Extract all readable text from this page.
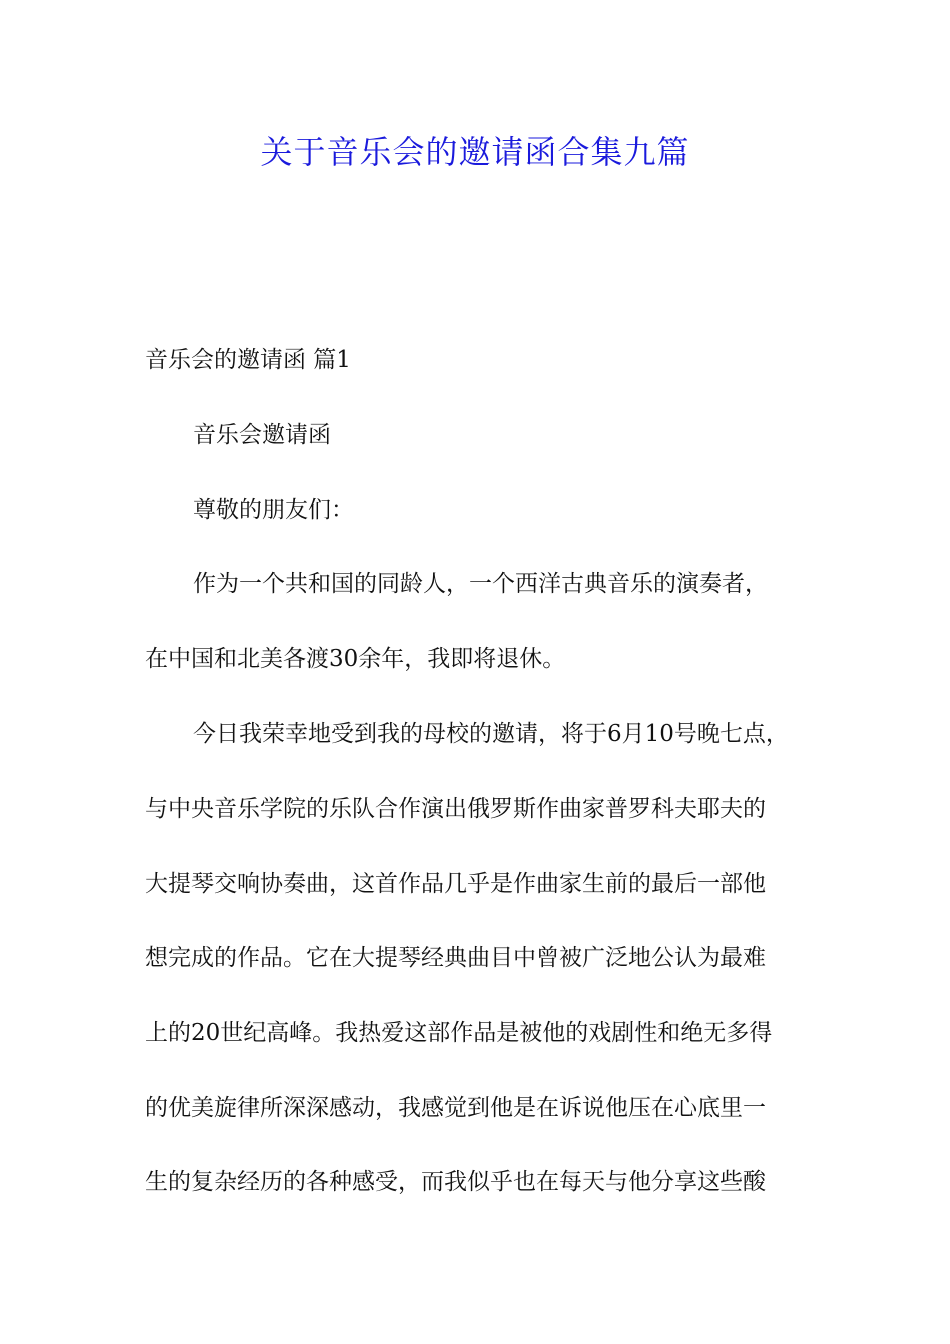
关于音乐会的邀请函合集九篇
音乐会的邀请函 篇1
音乐会邀请函
尊敬的朋友们：
作为一个共和国的同龄人，一个西洋古典音乐的演奏者，
在中国和北美各渡30余年，我即将退休。
今日我荣幸地受到我的母校的邀请，将于6月10号晚七点，
与中央音乐学院的乐队合作演出俄罗斯作曲家普罗科夫耶夫的
大提琴交响协奏曲，这首作品几乎是作曲家生前的最后一部他
想完成的作品。它在大提琴经典曲目中曾被广泛地公认为最难
上的20世纪高峰。我热爱这部作品是被他的戏剧性和绝无多得
的优美旋律所深深感动，我感觉到他是在诉说他压在心底里一
生的复杂经历的各种感受，而我似乎也在每天与他分享这些酸
